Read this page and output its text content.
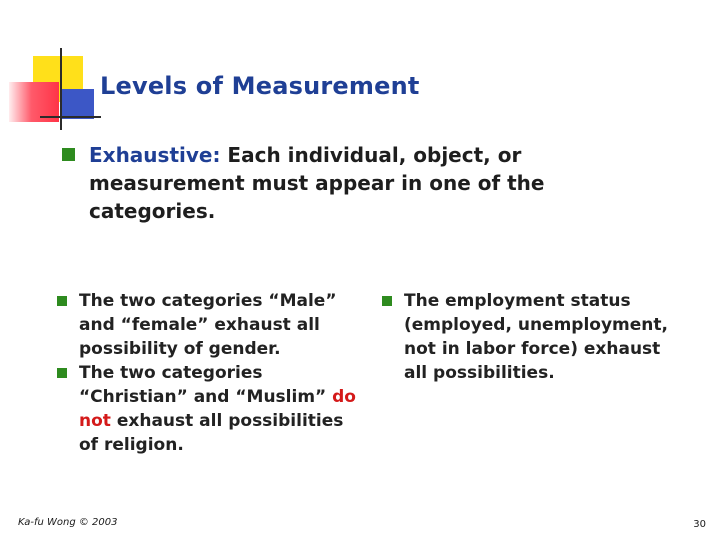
Levels of Measurement
Exhaustive: Each individual, object, or measurement must appear in one of the categories.
The two categories “Male” and “female” exhaust all possibility of gender.
The two categories “Christian” and “Muslim” do not exhaust all possibilities of religion.
The employment status (employed, unemployment, not in labor force) exhaust all possibilities.
Ka-fu Wong © 2003	30
